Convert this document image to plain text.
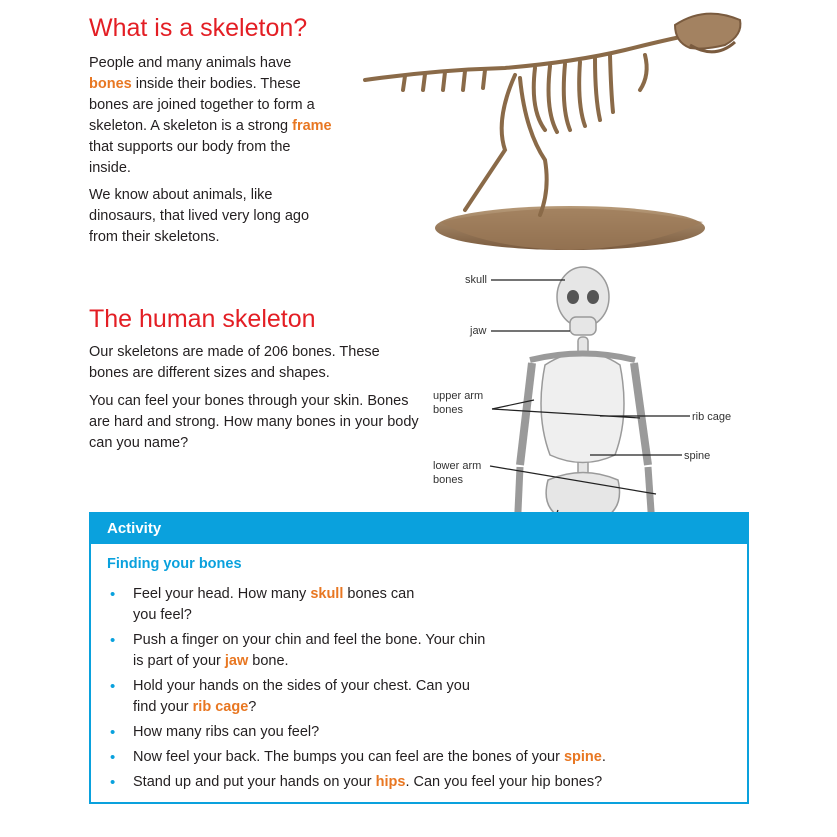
What is a skeleton?

People and many animals have bones inside their bodies. These bones are joined together to form a skeleton. A skeleton is a strong frame that supports our body from the inside.

We know about animals, like dinosaurs, that lived very long ago from their skeletons.

The human skeleton

Our skeletons are made of 206 bones. These bones are different sizes and shapes.

You can feel your bones through your skin. Bones are hard and strong. How many bones in your body can you name?

skull
jaw
upper arm bones
rib cage
spine
lower arm bones
Activity
Finding your bones
• Feel your head. How many skull bones can you feel?
• Push a finger on your chin and feel the bone. Your chin is part of your jaw bone.
• Hold your hands on the sides of your chest. Can you find your rib cage?
• How many ribs can you feel?
• Now feel your back. The bumps you can feel are the bones of your spine.
• Stand up and put your hands on your hips. Can you feel your hip bones?
